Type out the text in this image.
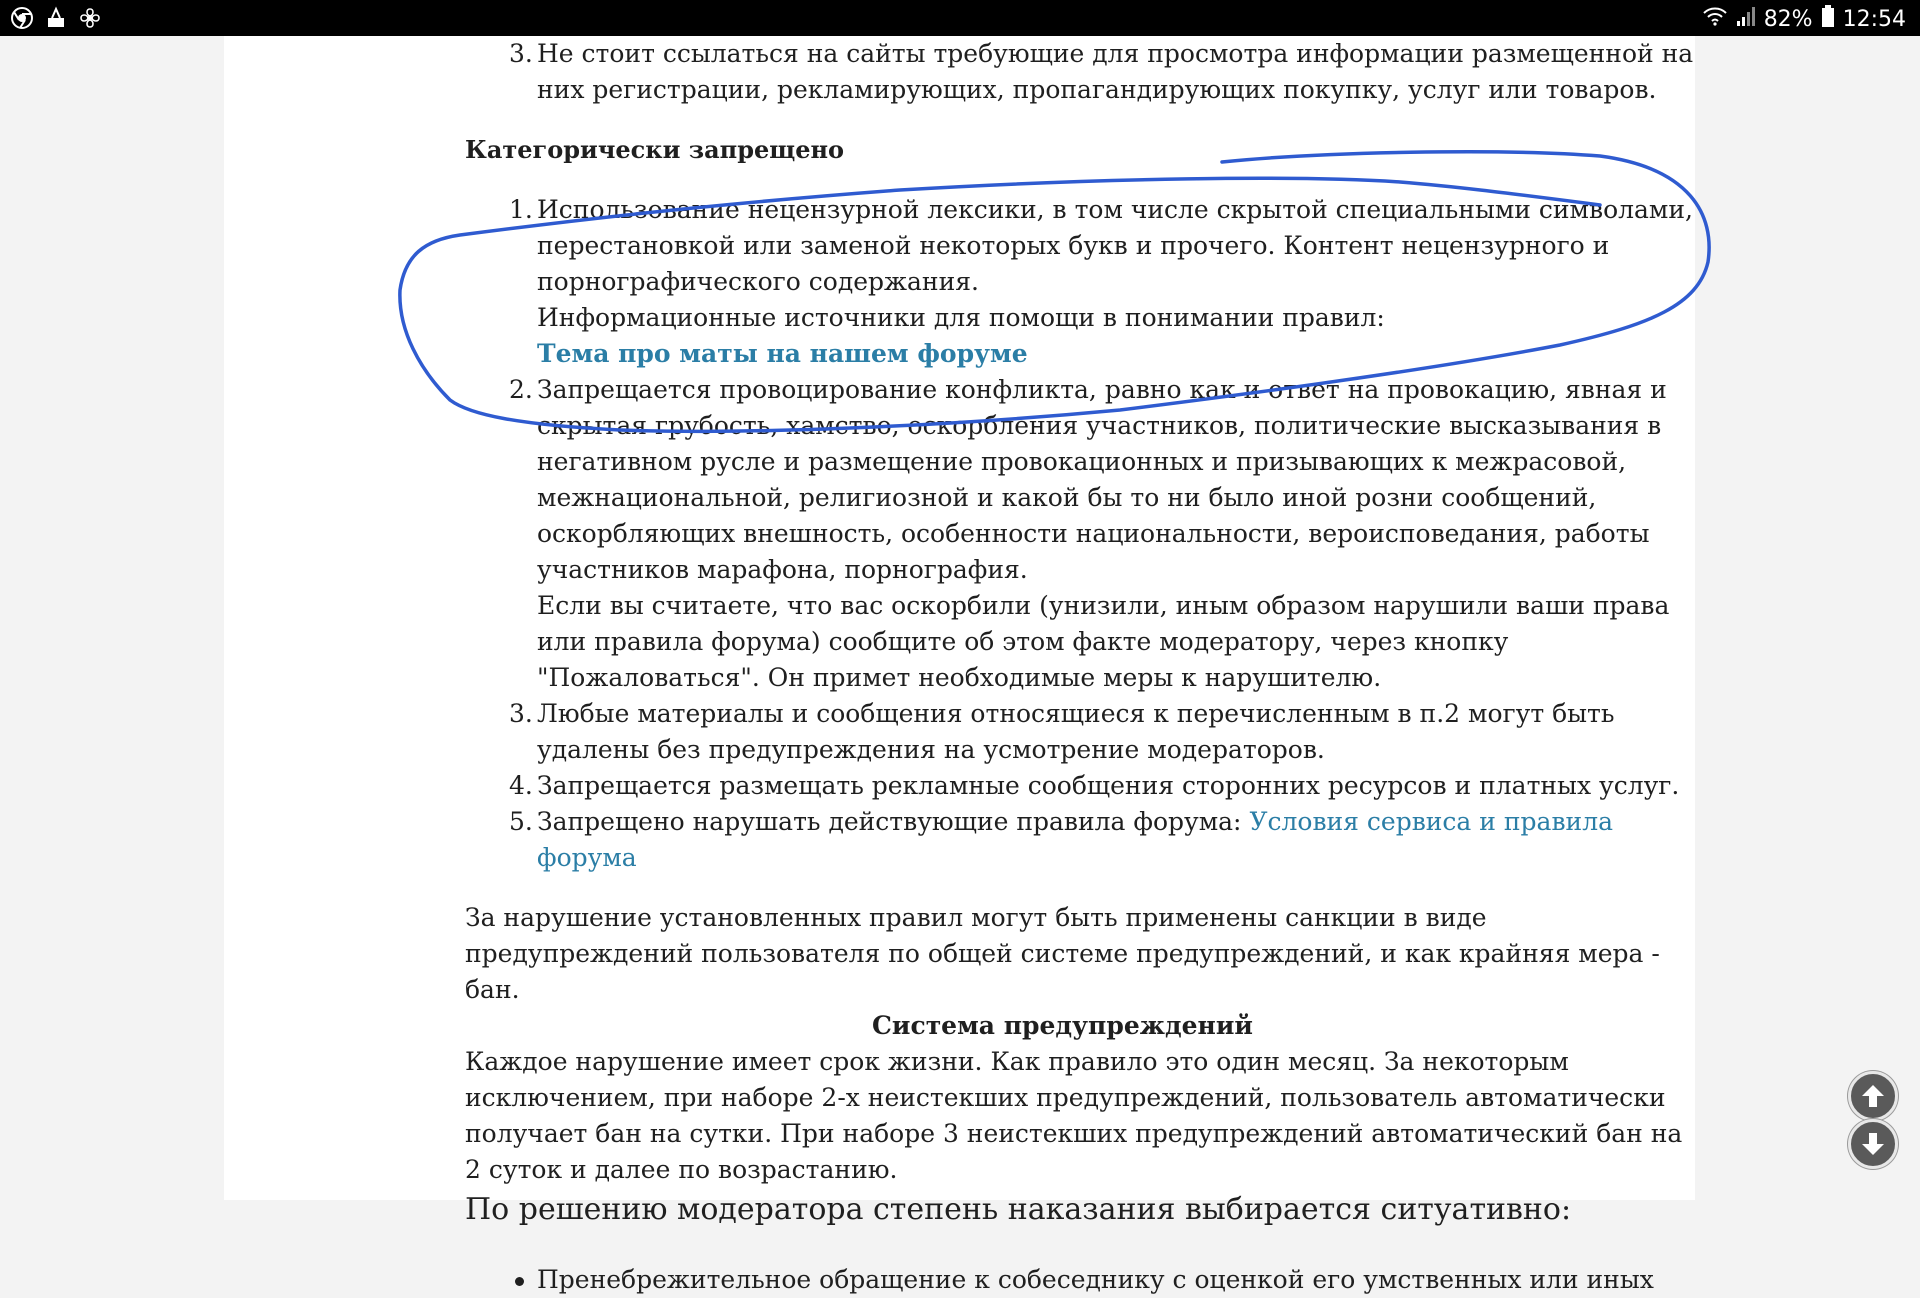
82% 12:54
3. Не стоит ссылаться на сайты требующие для просмотра информации размещенной на них регистрации, рекламирующих, пропагандирующих покупку, услуг или товаров.
Категорически запрещено
1. Использование нецензурной лексики, в том числе скрытой специальными символами, перестановкой или заменой некоторых букв и прочего. Контент нецензурного и порнографического содержания.
Информационные источники для помощи в понимании правил:
Тема про маты на нашем форуме
2. Запрещается провоцирование конфликта, равно как и ответ на провокацию, явная и скрытая грубость, хамство, оскорбления участников, политические высказывания в негативном русле и размещение провокационных и призывающих к межрасовой, межнациональной, религиозной и какой бы то ни было иной розни сообщений, оскорбляющих внешность, особенности национальности, вероисповедания, работы участников марафона, порнография.
Если вы считаете, что вас оскорбили (унизили, иным образом нарушили ваши права или правила форума) сообщите об этом факте модератору, через кнопку "Пожаловаться". Он примет необходимые меры к нарушителю.
3. Любые материалы и сообщения относящиеся к перечисленным в п.2 могут быть удалены без предупреждения на усмотрение модераторов.
4. Запрещается размещать рекламные сообщения сторонних ресурсов и платных услуг.
5. Запрещено нарушать действующие правила форума: Условия сервиса и правила форума

За нарушение установленных правил могут быть применены санкции в виде предупреждений пользователя по общей системе предупреждений, и как крайняя мера - бан.

Система предупреждений

Каждое нарушение имеет срок жизни. Как правило это один месяц. За некоторым исключением, при наборе 2-х неистекших предупреждений, пользователь автоматически получает бан на сутки. При наборе 3 неистекших предупреждений автоматический бан на 2 суток и далее по возрастанию.

По решению модератора степень наказания выбирается ситуативно:
Пренебрежительное обращение к собеседнику с оценкой его умственных или иных
